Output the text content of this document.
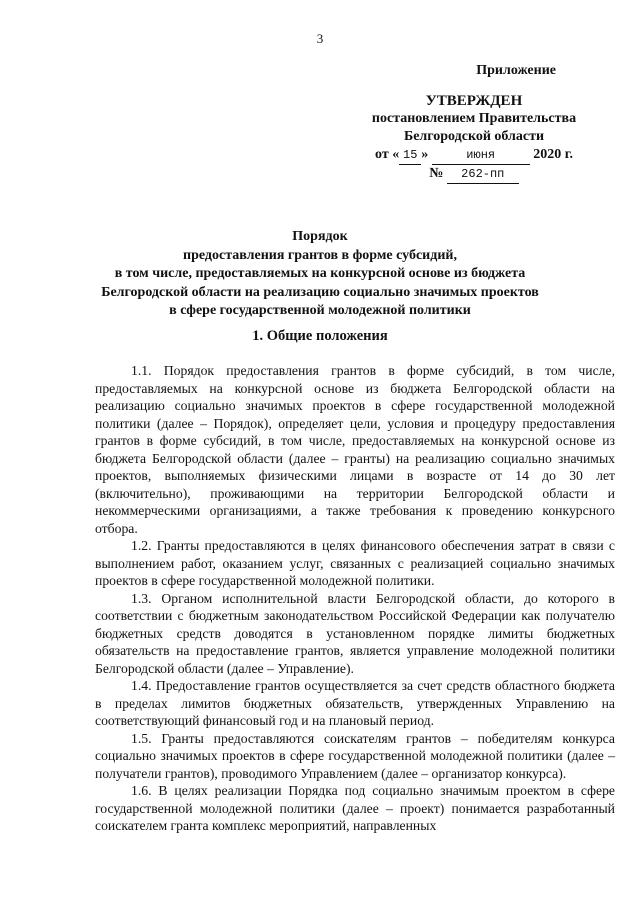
3
Приложение
УТВЕРЖДЕН
постановлением Правительства
Белгородской области
от « 15 »	июня	2020 г.
№ 262-пп
Порядок
предоставления грантов в форме субсидий,
в том числе, предоставляемых на конкурсной основе из бюджета
Белгородской области на реализацию социально значимых проектов
в сфере государственной молодежной политики
1. Общие положения

1.1. Порядок предоставления грантов в форме субсидий, в том числе, предоставляемых на конкурсной основе из бюджета Белгородской области на реализацию социально значимых проектов в сфере государственной молодежной политики (далее – Порядок), определяет цели, условия и процедуру предоставления грантов в форме субсидий, в том числе, предоставляемых на конкурсной основе из бюджета Белгородской области (далее – гранты) на реализацию социально значимых проектов, выполняемых физическими лицами в возрасте от 14 до 30 лет (включительно), проживающими на территории Белгородской области и некоммерческими организациями, а также требования к проведению конкурсного отбора.

1.2. Гранты предоставляются в целях финансового обеспечения затрат в связи с выполнением работ, оказанием услуг, связанных с реализацией социально значимых проектов в сфере государственной молодежной политики.

1.3. Органом исполнительной власти Белгородской области, до которого в соответствии с бюджетным законодательством Российской Федерации как получателю бюджетных средств доводятся в установленном порядке лимиты бюджетных обязательств на предоставление грантов, является управление молодежной политики Белгородской области (далее – Управление).

1.4. Предоставление грантов осуществляется за счет средств областного бюджета в пределах лимитов бюджетных обязательств, утвержденных Управлению на соответствующий финансовый год и на плановый период.

1.5. Гранты предоставляются соискателям грантов – победителям конкурса социально значимых проектов в сфере государственной молодежной политики (далее – получатели грантов), проводимого Управлением (далее – организатор конкурса).

1.6. В целях реализации Порядка под социально значимым проектом в сфере государственной молодежной политики (далее – проект) понимается разработанный соискателем гранта комплекс мероприятий, направленных
